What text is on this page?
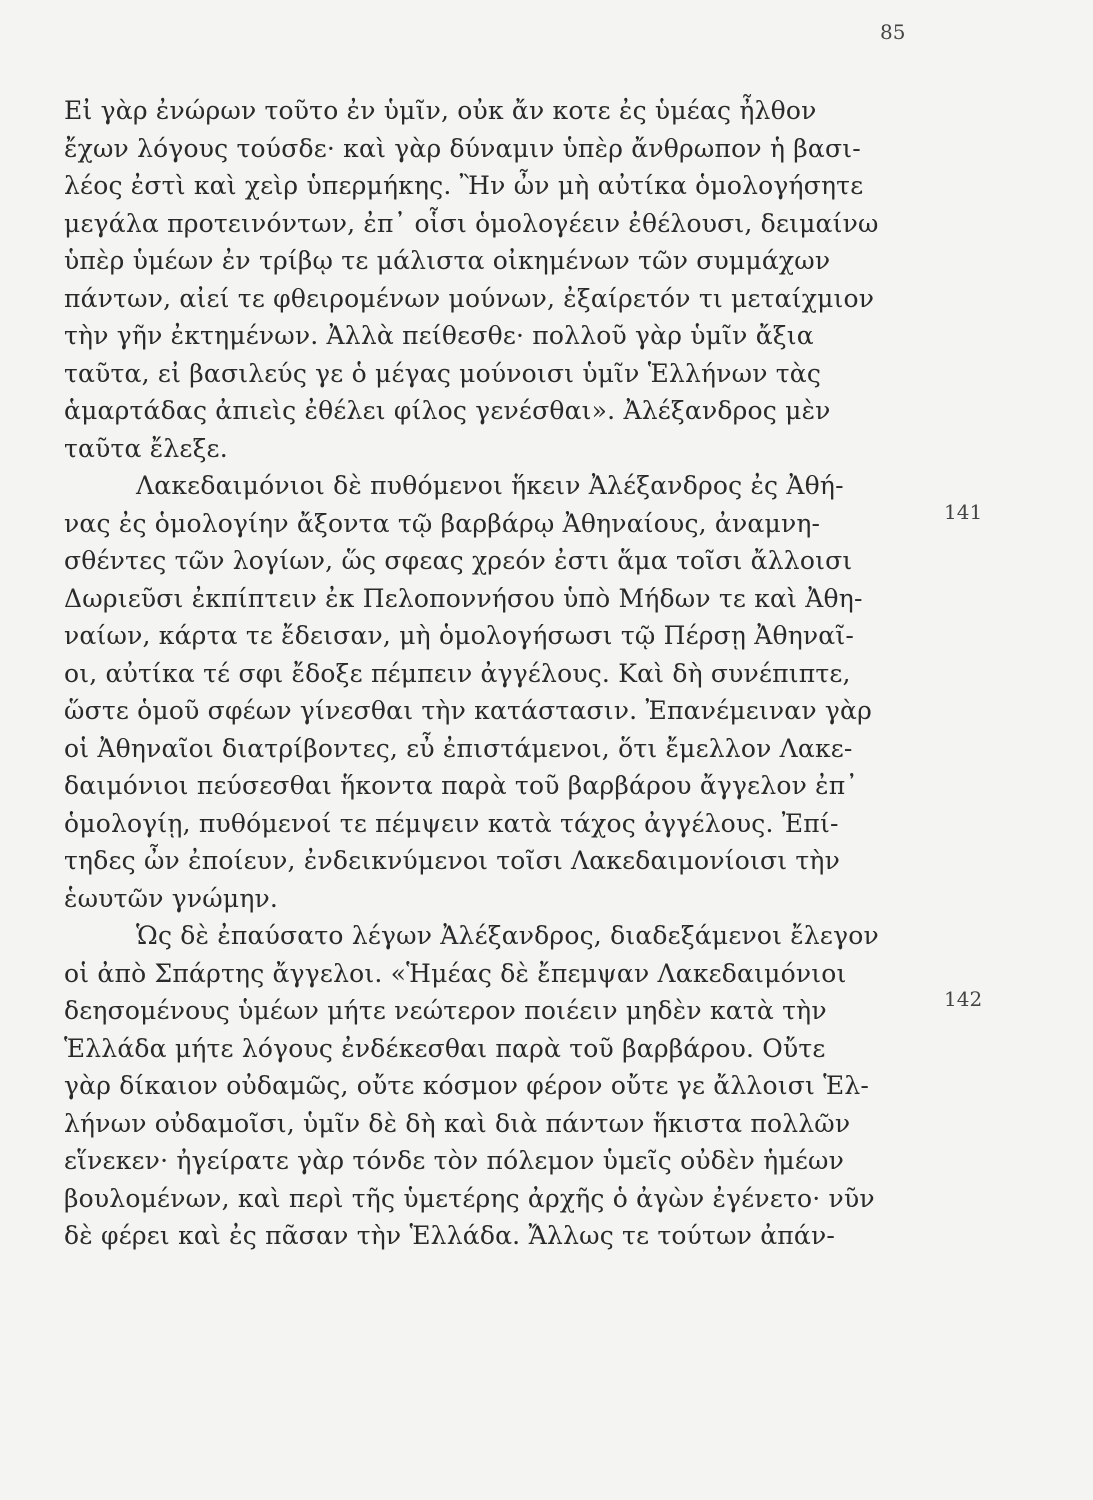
85
141
142
Εἰ γὰρ ἐνώρων τοῦτο ἐν ὑμῖν, οὐκ ἄν κοτε ἐς ὑμέας ἦλθον
ἔχων λόγους τούσδε· καὶ γὰρ δύναμιν ὑπὲρ ἄνθρωπον ἡ βασι-
λέος ἐστὶ καὶ χεὶρ ὑπερμήκης. Ἢν ὦν μὴ αὐτίκα ὁμολογήσητε
μεγάλα προτεινόντων, ἐπ᾽ οἷσι ὁμολογέειν ἐθέλουσι, δειμαίνω
ὑπὲρ ὑμέων ἐν τρίβῳ τε μάλιστα οἰκημένων τῶν συμμάχων
πάντων, αἰεί τε φθειρομένων μούνων, ἐξαίρετόν τι μεταίχμιον
τὴν γῆν ἐκτημένων. Ἀλλὰ πείθεσθε· πολλοῦ γὰρ ὑμῖν ἄξια
ταῦτα, εἰ βασιλεύς γε ὁ μέγας μούνοισι ὑμῖν Ἑλλήνων τὰς
ἁμαρτάδας ἀπιεὶς ἐθέλει φίλος γενέσθαι». Ἀλέξανδρος μὲν
ταῦτα ἔλεξε.
Λακεδαιμόνιοι δὲ πυθόμενοι ἥκειν Ἀλέξανδρος ἐς Ἀθή-
νας ἐς ὁμολογίην ἄξοντα τῷ βαρβάρῳ Ἀθηναίους, ἀναμνη-
σθέντες τῶν λογίων, ὥς σφεας χρεόν ἐστι ἅμα τοῖσι ἄλλοισι
Δωριεῦσι ἐκπίπτειν ἐκ Πελοποννήσου ὑπὸ Μήδων τε καὶ Ἀθη-
ναίων, κάρτα τε ἔδεισαν, μὴ ὁμολογήσωσι τῷ Πέρσῃ Ἀθηναῖ-
οι, αὐτίκα τέ σφι ἔδοξε πέμπειν ἀγγέλους. Καὶ δὴ συνέπιπτε,
ὥστε ὁμοῦ σφέων γίνεσθαι τὴν κατάστασιν. Ἐπανέμειναν γὰρ
οἱ Ἀθηναῖοι διατρίβοντες, εὖ ἐπιστάμενοι, ὅτι ἔμελλον Λακε-
δαιμόνιοι πεύσεσθαι ἥκοντα παρὰ τοῦ βαρβάρου ἄγγελον ἐπ᾽
ὁμολογίῃ, πυθόμενοί τε πέμψειν κατὰ τάχος ἀγγέλους. Ἐπί-
τηδες ὦν ἐποίευν, ἐνδεικνύμενοι τοῖσι Λακεδαιμονίοισι τὴν
ἑωυτῶν γνώμην.
Ὡς δὲ ἐπαύσατο λέγων Ἀλέξανδρος, διαδεξάμενοι ἔλεγον
οἱ ἀπὸ Σπάρτης ἄγγελοι. «Ἡμέας δὲ ἔπεμψαν Λακεδαιμόνιοι
δεησομένους ὑμέων μήτε νεώτερον ποιέειν μηδὲν κατὰ τὴν
Ἑλλάδα μήτε λόγους ἐνδέκεσθαι παρὰ τοῦ βαρβάρου. Οὔτε
γὰρ δίκαιον οὐδαμῶς, οὔτε κόσμον φέρον οὔτε γε ἄλλοισι Ἑλ-
λήνων οὐδαμοῖσι, ὑμῖν δὲ δὴ καὶ διὰ πάντων ἥκιστα πολλῶν
εἵνεκεν· ἠγείρατε γὰρ τόνδε τὸν πόλεμον ὑμεῖς οὐδὲν ἡμέων
βουλομένων, καὶ περὶ τῆς ὑμετέρης ἀρχῆς ὁ ἀγὼν ἐγένετο· νῦν
δὲ φέρει καὶ ἐς πᾶσαν τὴν Ἑλλάδα. Ἄλλως τε τούτων ἀπάν-
